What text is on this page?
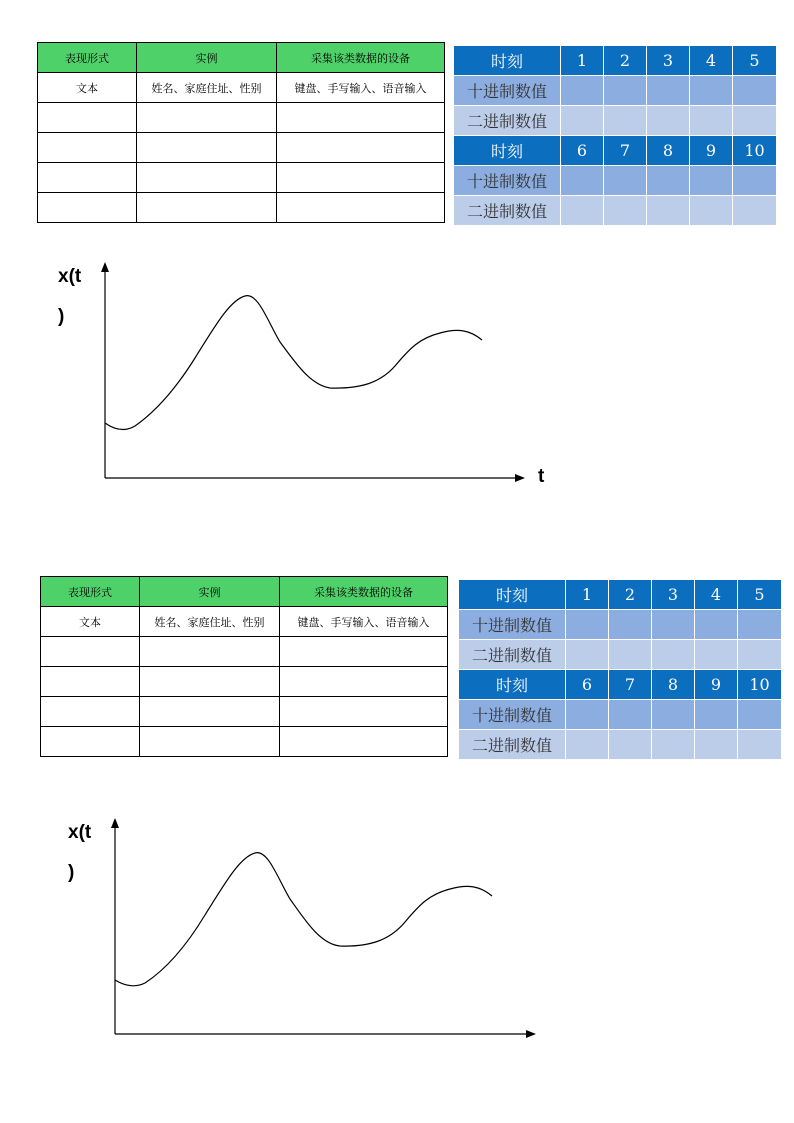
表现形式	实例	采集该类数据的设备
文本	姓名、家庭住址、性别	键盘、手写输入、语音输入

时刻	1	2	3	4	5
十进制数值					
二进制数值					
时刻	6	7	8	9	10
十进制数值					
二进制数值					
x(t
)
t
表现形式	实例	采集该类数据的设备
文本	姓名、家庭住址、性别	键盘、手写输入、语音输入

时刻	1	2	3	4	5
十进制数值					
二进制数值					
时刻	6	7	8	9	10
十进制数值					
二进制数值					
x(t
)
